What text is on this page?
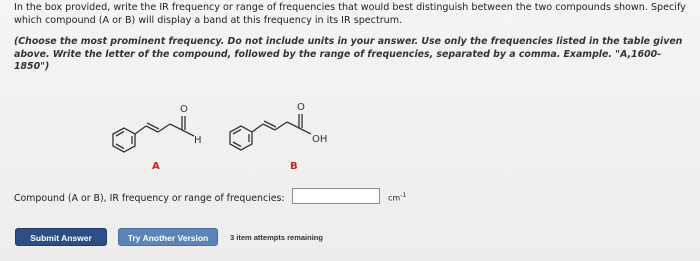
In the box provided, write the IR frequency or range of frequencies that would best distinguish between the two compounds shown. Specify which compound (A or B) will display a band at this frequency in its IR spectrum.
(Choose the most prominent frequency. Do not include units in your answer. Use only the frequencies listed in the table given above. Write the letter of the compound, followed by the range of frequencies, separated by a comma. Example. "A,1600-1850")
O
H
O
OH
A	B
Compound (A or B), IR frequency or range of frequencies:	$cm^{-1}$
Submit Answer	Try Another Version	3 item attempts remaining
